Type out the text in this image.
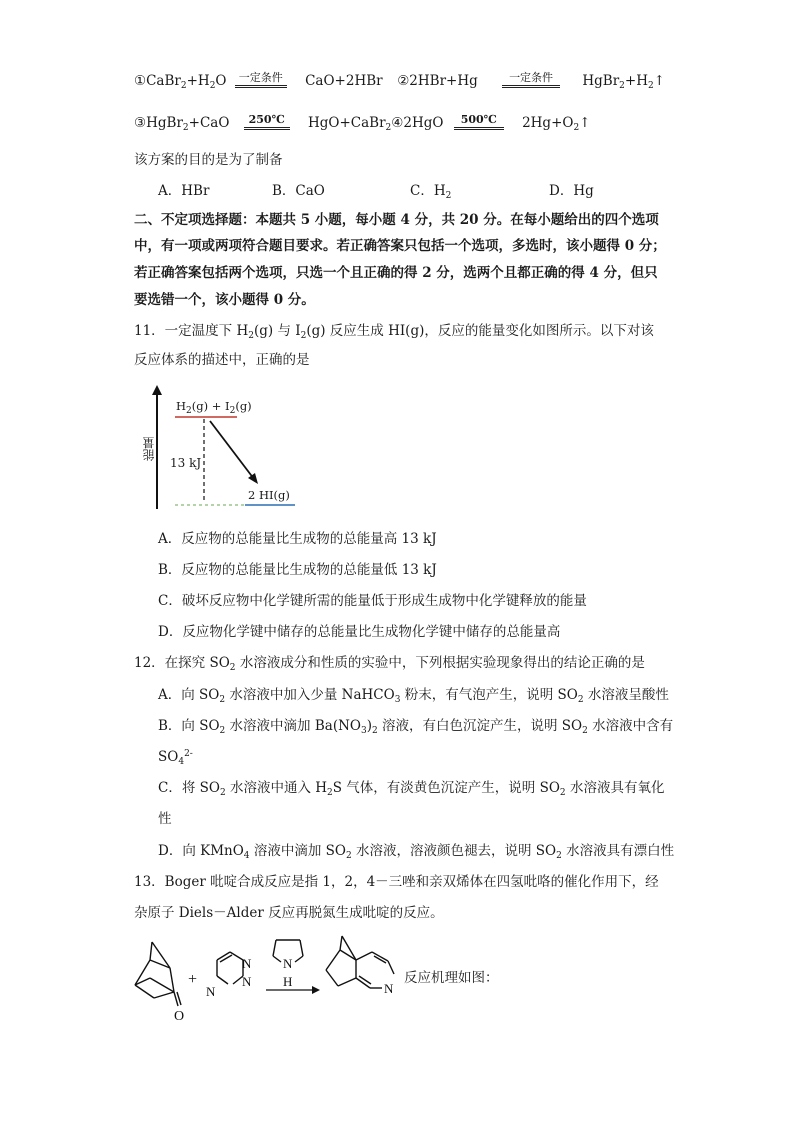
$①CaBr_2+H_2O$	一定条件 CaO+2HBr ②2HBr+Hg	一定条件	$HgBr_2+H_2↑$
③HgBr$_2$+CaO	250℃	HgO+CaBr$_2$④2HgO	500℃	$2Hg+O_2↑$
该方案的目的是为了制备
A．HBr	B．CaO	C．$H_2$	D．Hg
二、不定项选择题：本题共 5 小题，每小题 4 分，共 20 分。在每小题给出的四个选项
中，有一项或两项符合题目要求。若正确答案只包括一个选项，多选时，该小题得 0 分；
若正确答案包括两个选项，只选一个且正确的得 2 分，选两个且都正确的得 4 分，但只
要选错一个，该小题得 0 分。
11．一定温度下 $H_2(g)$ 与 $I_2(g)$ 反应生成 HI(g)，反应的能量变化如图所示。以下对该
反应体系的描述中，正确的是
能量
$H_2(g) + I_2(g)$
13 kJ
2 HI(g)
A．反应物的总能量比生成物的总能量高 13 kJ
B．反应物的总能量比生成物的总能量低 13 kJ
C．破坏反应物中化学键所需的能量低于形成生成物中化学键释放的能量
D．反应物化学键中储存的总能量比生成物化学键中储存的总能量高
12．在探究 $SO_2$ 水溶液成分和性质的实验中，下列根据实验现象得出的结论正确的是
A．向 $SO_2$ 水溶液中加入少量 NaHCO$_3$ 粉末，有气泡产生，说明 $SO_2$ 水溶液呈酸性
B．向 $SO_2$ 水溶液中滴加 $Ba(NO_3)_2$ 溶液，有白色沉淀产生，说明 $SO_2$ 水溶液中含有
$SO_4^{2-}$
C．将 $SO_2$ 水溶液中通入 $H_2S$ 气体，有淡黄色沉淀产生，说明 $SO_2$ 水溶液具有氧化
性
D．向 KMnO$_4$ 溶液中滴加 $SO_2$ 水溶液，溶液颜色褪去，说明 $SO_2$ 水溶液具有漂白性
13．Boger 吡啶合成反应是指 1，2，4－三唑和亲双烯体在四氢吡咯的催化作用下，经
杂原子 Diels－Alder 反应再脱氮生成吡啶的反应。
O
+
N
N
N
N
H	N
反应机理如图：
